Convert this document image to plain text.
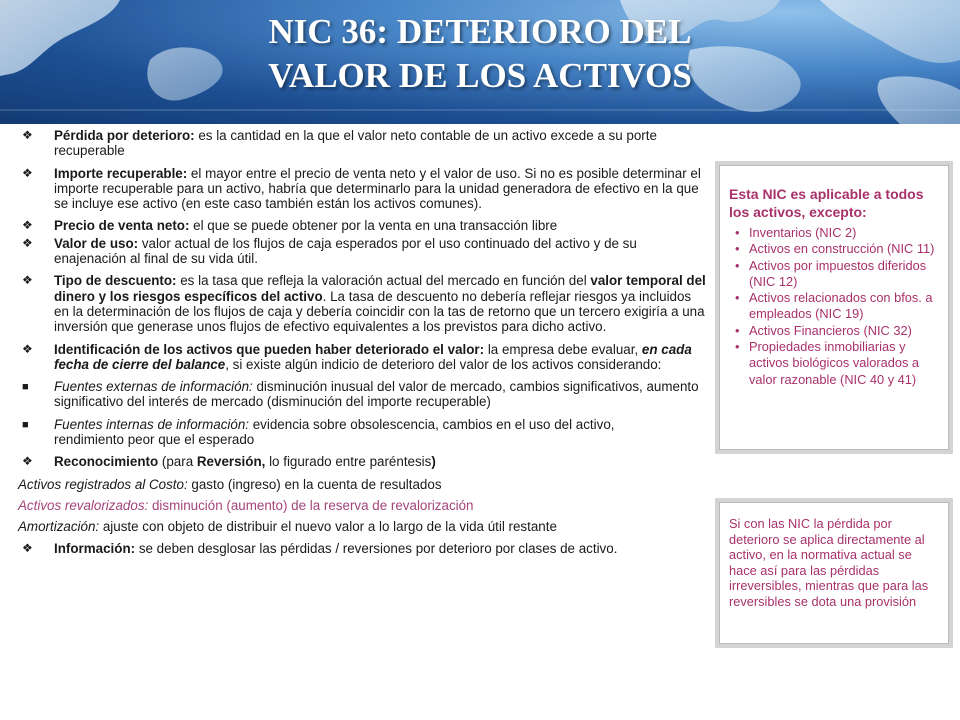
NIC 36: DETERIORO DEL
VALOR DE LOS ACTIVOS
❖ Pérdida por deterioro: es la cantidad en la que el valor neto contable de un activo excede a su porte recuperable
❖ Importe recuperable: el mayor entre el precio de venta neto y el valor de uso. Si no es posible determinar el importe recuperable para un activo, habría que determinarlo para la unidad generadora de efectivo en la que se incluye ese activo (en este caso también están los activos comunes).
❖ Precio de venta neto: el que se puede obtener por la venta en una transacción libre
❖ Valor de uso: valor actual de los flujos de caja esperados por el uso continuado del activo y de su enajenación al final de su vida útil.
❖ Tipo de descuento: es la tasa que refleja la valoración actual del mercado en función del valor temporal del dinero y los riesgos específicos del activo. La tasa de descuento no debería reflejar riesgos ya incluidos en la determinación de los flujos de caja y debería coincidir con la tas de retorno que un tercero exigiría a una inversión que generase unos flujos de efectivo equivalentes a los previstos para dicho activo.
❖ Identificación de los activos que pueden haber deteriorado el valor: la empresa debe evaluar, en cada fecha de cierre del balance, si existe algún indicio de deterioro del valor de los activos considerando:
■ Fuentes externas de información: disminución inusual del valor de mercado, cambios significativos, aumento significativo del interés de mercado (disminución del importe recuperable)
■ Fuentes internas de información: evidencia sobre obsolescencia, cambios en el uso del activo,
rendimiento peor que el esperado
❖ Reconocimiento (para Reversión, lo figurado entre paréntesis)
Activos registrados al Costo: gasto (ingreso) en la cuenta de resultados
Activos revalorizados: disminución (aumento) de la reserva de revalorización
Amortización: ajuste con objeto de distribuir el nuevo valor a lo largo de la vida útil restante
❖ Información: se deben desglosar las pérdidas / reversiones por deterioro por clases de activo.
Esta NIC es aplicable a todos los activos, excepto:
• Inventarios (NIC 2)
• Activos en construcción (NIC 11)
• Activos por impuestos diferidos (NIC 12)
• Activos relacionados con bfos. a empleados (NIC 19)
• Activos Financieros (NIC 32)
• Propiedades inmobiliarias y activos biológicos valorados a valor razonable (NIC 40 y 41)

Si con las NIC la pérdida por deterioro se aplica directamente al activo, en la normativa actual se hace así para las pérdidas irreversibles, mientras que para las reversibles se dota una provisión
